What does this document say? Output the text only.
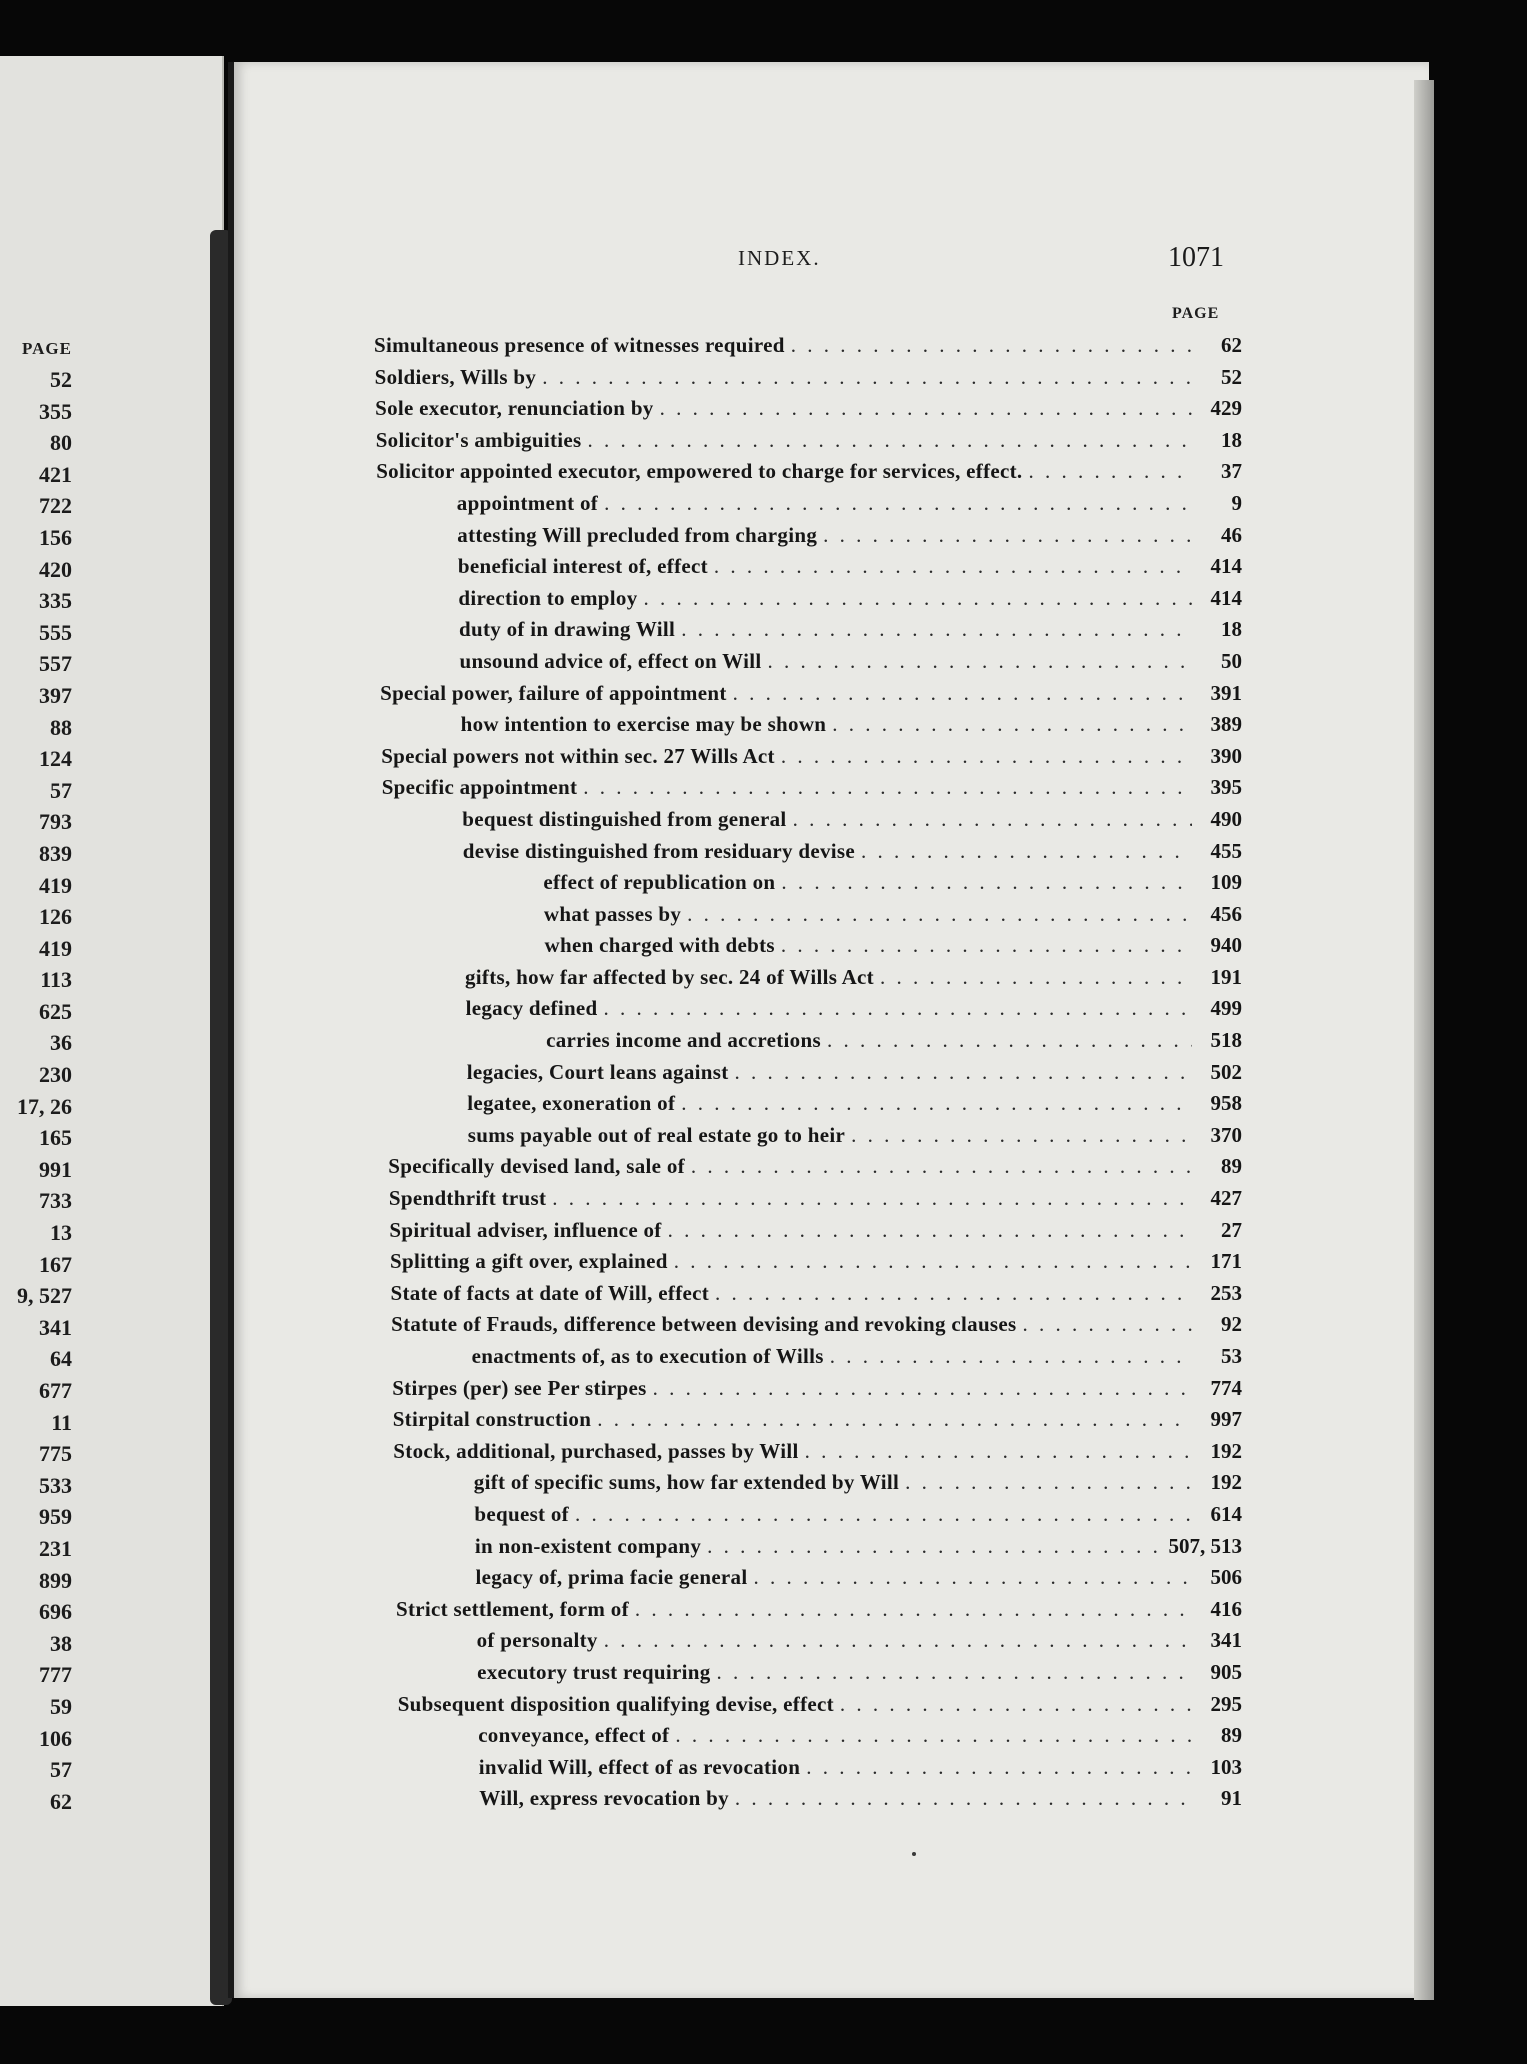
PAGE
52
355
80
421
722
156
420
335
555
557
397
88
124
57
793
839
419
126
419
113
625
36
230
17, 26
165
991
733
13
167
9, 527
341
64
677
11
775
533
959
231
899
696
38
777
59
106
57
62
INDEX.	1071
PAGE
Simultaneous presence of witnesses required . . .	62
Soldiers, Wills by . . .	52
Sole executor, renunciation by . . .	429
Solicitor's ambiguities . . .	18
Solicitor appointed executor, empowered to charge for services, effect. . . .	37
appointment of . . .	9
attesting Will precluded from charging . . .	46
beneficial interest of, effect . . .	414
direction to employ . . .	414
duty of in drawing Will . . .	18
unsound advice of, effect on Will . . .	50
Special power, failure of appointment . . .	391
how intention to exercise may be shown . . .	389
Special powers not within sec. 27 Wills Act . . .	390
Specific appointment . . .	395
bequest distinguished from general . . .	490
devise distinguished from residuary devise . . .	455
effect of republication on . . .	109
what passes by . . .	456
when charged with debts . . .	940
gifts, how far affected by sec. 24 of Wills Act . . .	191
legacy defined . . .	499
carries income and accretions . . .	518
legacies, Court leans against . . .	502
legatee, exoneration of . . .	958
sums payable out of real estate go to heir . . .	370
Specifically devised land, sale of . . .	89
Spendthrift trust . . .	427
Spiritual adviser, influence of . . .	27
Splitting a gift over, explained . . .	171
State of facts at date of Will, effect . . .	253
Statute of Frauds, difference between devising and revoking clauses . . .	92
enactments of, as to execution of Wills . . .	53
Stirpes (per) see Per stirpes . . .	774
Stirpital construction . . .	997
Stock, additional, purchased, passes by Will . . .	192
gift of specific sums, how far extended by Will . . .	192
bequest of . . .	614
in non-existent company . . .	507, 513
legacy of, prima facie general . . .	506
Strict settlement, form of . . .	416
of personalty . . .	341
executory trust requiring . . .	905
Subsequent disposition qualifying devise, effect . . .	295
conveyance, effect of . . .	89
invalid Will, effect of as revocation . . .	103
Will, express revocation by . . .	91
